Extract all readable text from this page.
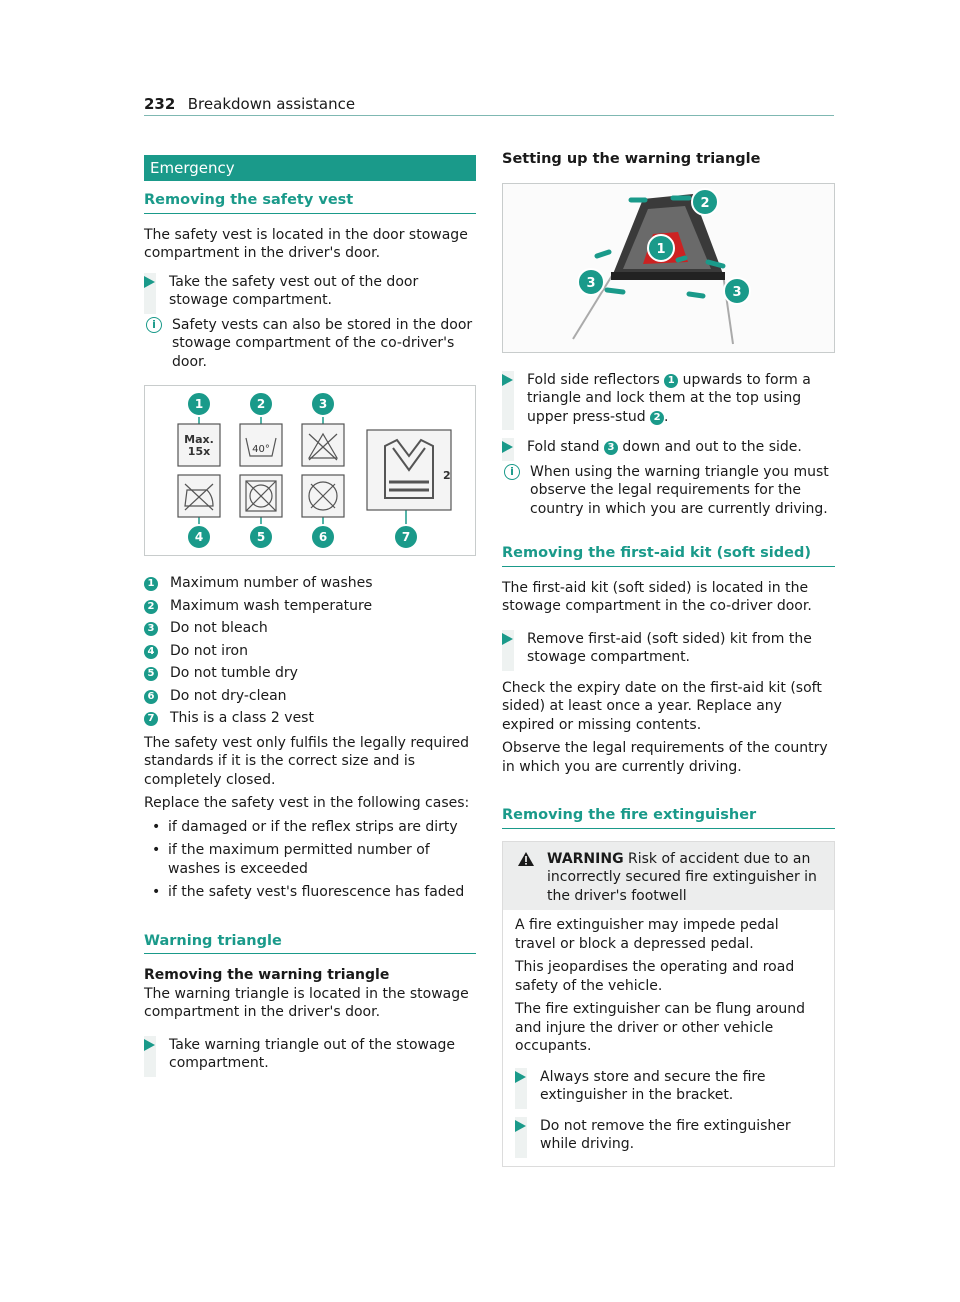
232 Breakdown assistance
Emergency
Removing the safety vest

The safety vest is located in the door stowage compartment in the driver's door.

Take the safety vest out of the door stowage compartment.
i	Safety vests can also be stored in the door stowage compartment of the co-driver's door.
Max.
15x	40°
2
1	2	3
4	5	6	7
1 Maximum number of washes
2 Maximum wash temperature
3 Do not bleach
4 Do not iron
5 Do not tumble dry
6 Do not dry-clean
7 This is a class 2 vest

The safety vest only fulfils the legally required standards if it is the correct size and is completely closed.

Replace the safety vest in the following cases:

• if damaged or if the reflex strips are dirty
• if the maximum permitted number of washes is exceeded
• if the safety vest's fluorescence has faded
Warning triangle
Removing the warning triangle

The warning triangle is located in the stowage compartment in the driver's door.

Take warning triangle out of the stowage compartment.
Setting up the warning triangle
1
2
3
3
Fold side reflectors 1 upwards to form a triangle and lock them at the top using upper press-stud 2 .
Fold stand 3 down and out to the side.
i	When using the warning triangle you must observe the legal requirements for the country in which you are currently driving.
Removing the first-aid kit (soft sided)

The first-aid kit (soft sided) is located in the stowage compartment in the co-driver door.

Remove first-aid (soft sided) kit from the stowage compartment.

Check the expiry date on the first-aid kit (soft sided) at least once a year. Replace any expired or missing contents.

Observe the legal requirements of the country in which you are currently driving.

Removing the fire extinguisher
WARNING Risk of accident due to an incorrectly secured fire extinguisher in the driver's footwell

A fire extinguisher may impede pedal travel or block a depressed pedal.

This jeopardises the operating and road safety of the vehicle.

The fire extinguisher can be flung around and injure the driver or other vehicle occupants.

Always store and secure the fire extinguisher in the bracket.
Do not remove the fire extinguisher while driving.
